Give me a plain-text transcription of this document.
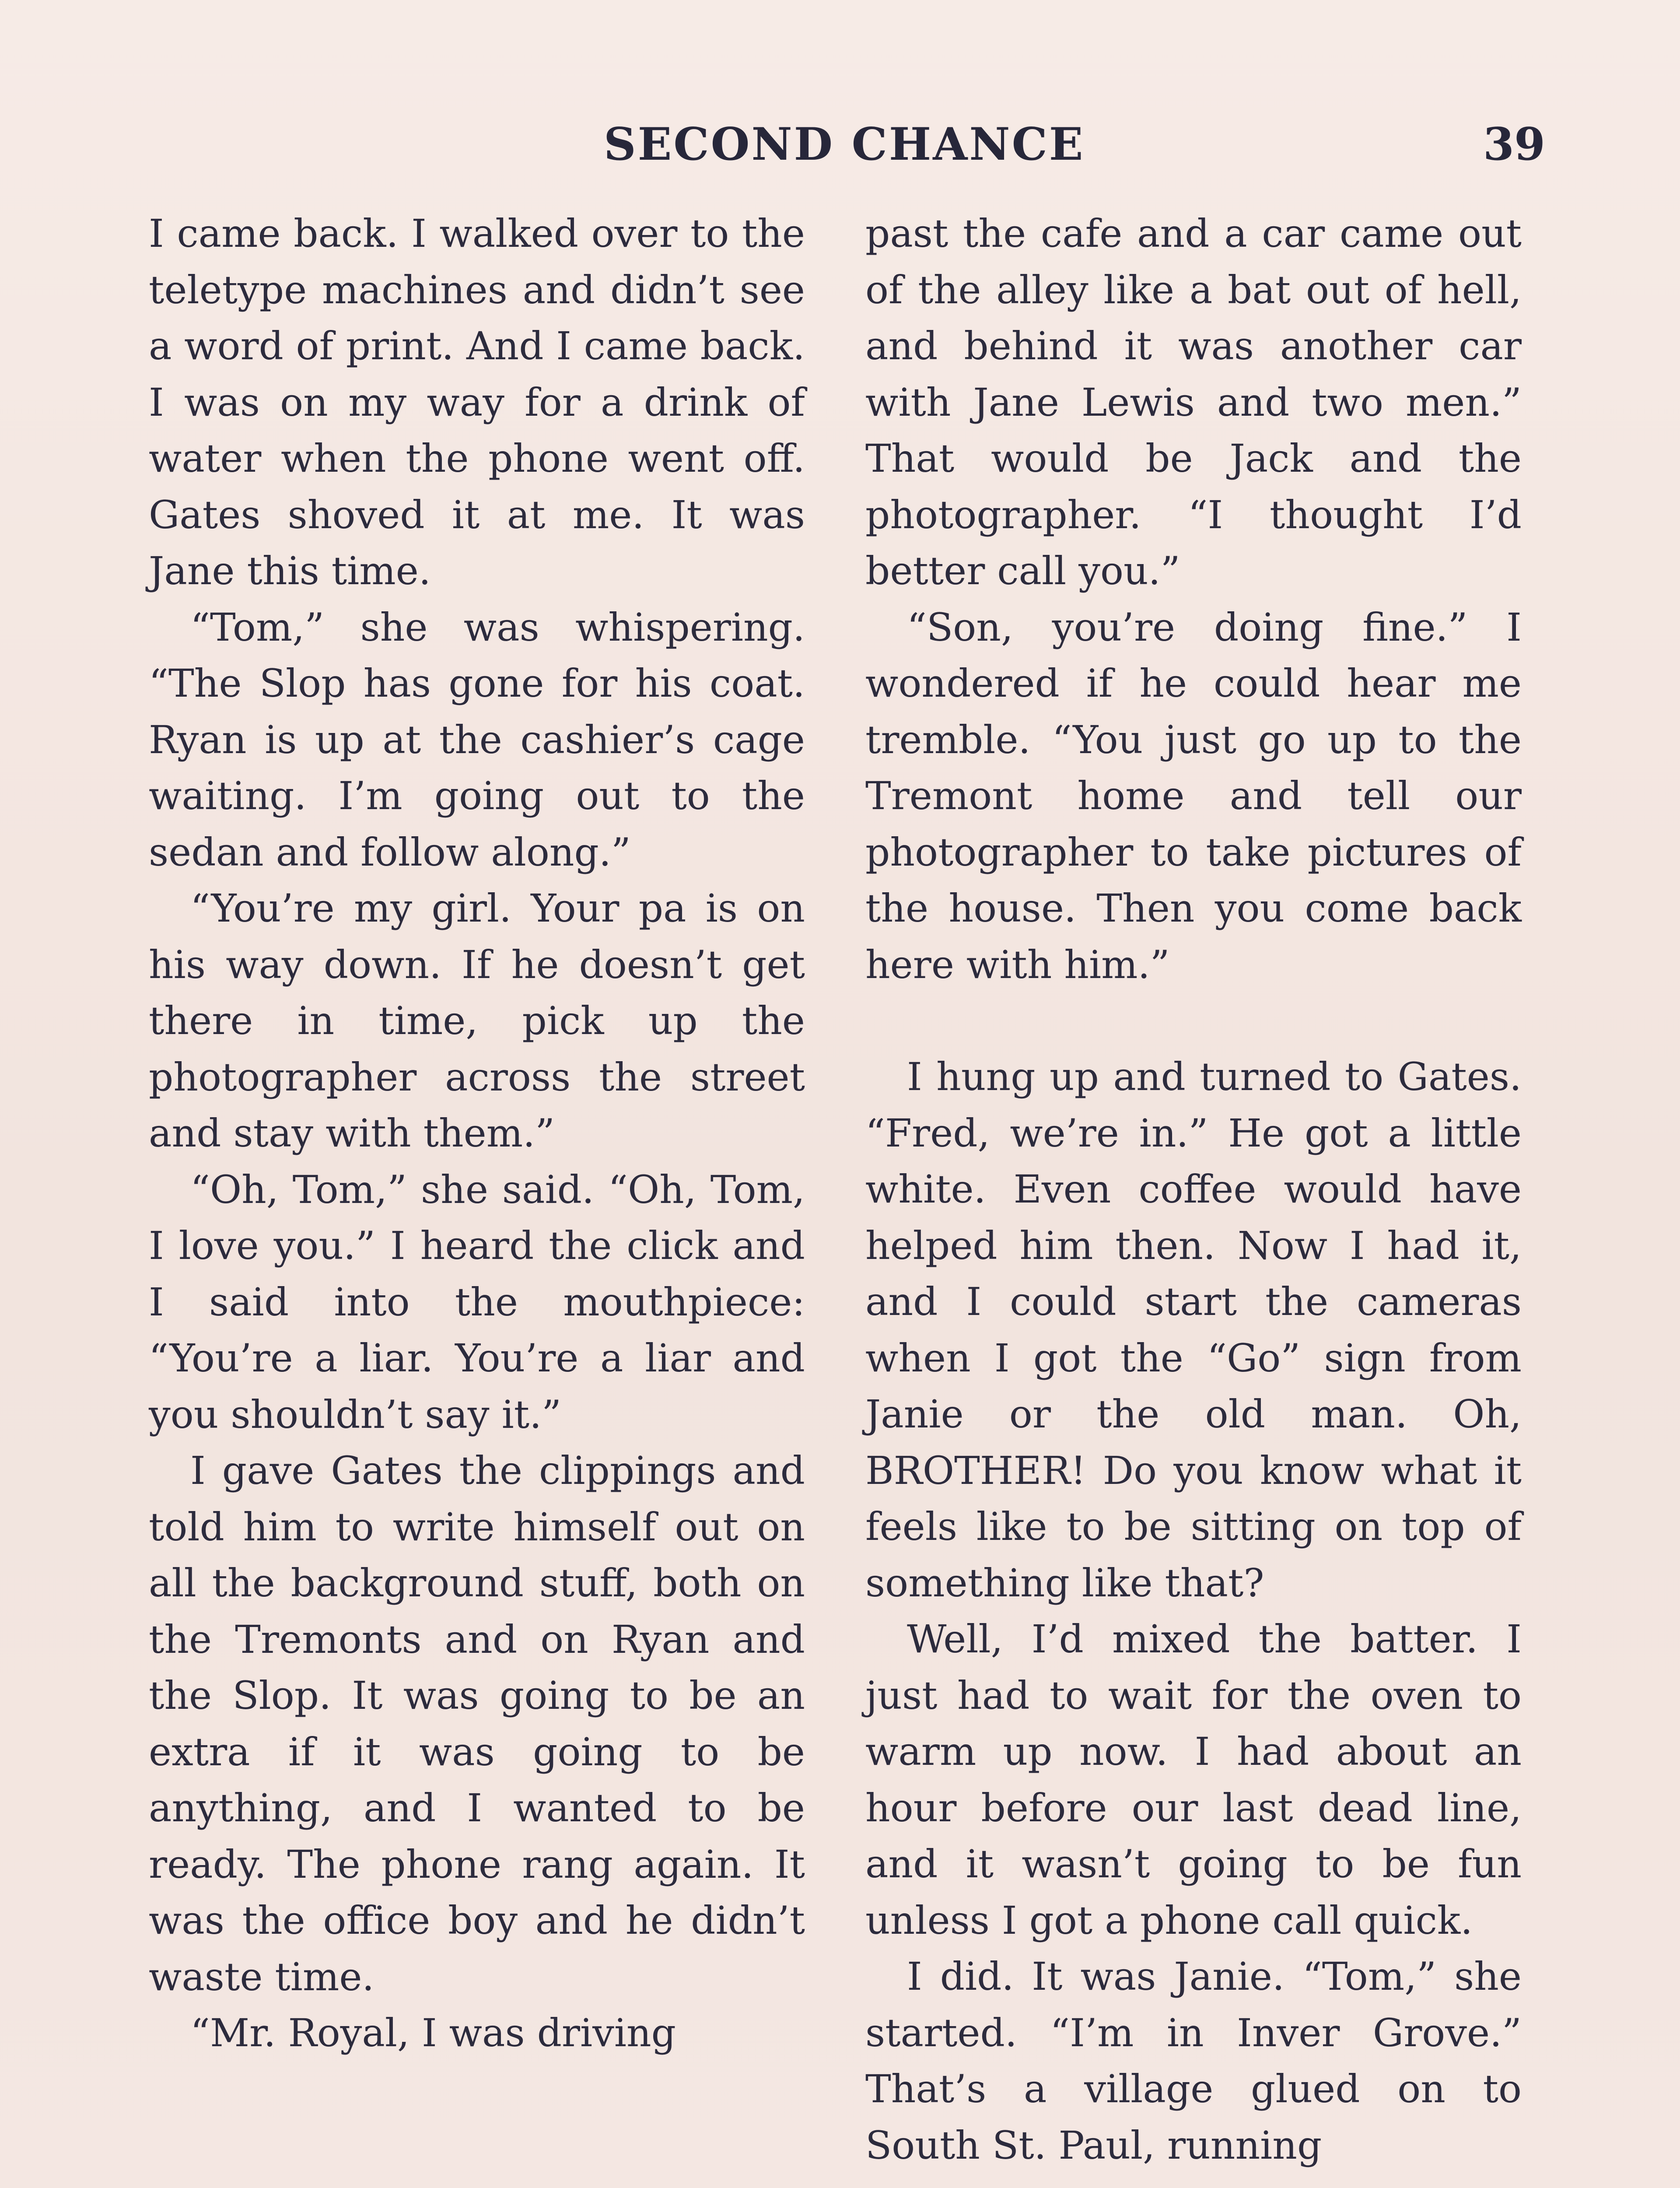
SECOND CHANCE	39

I came back. I walked over to the teletype machines and didn’t see a word of print. And I came back. I was on my way for a drink of water when the phone went off. Gates shoved it at me. It was Jane this time.

“Tom,” she was whispering. “The Slop has gone for his coat. Ryan is up at the cashier’s cage waiting. I’m going out to the sedan and follow along.”

“You’re my girl. Your pa is on his way down. If he doesn’t get there in time, pick up the photographer across the street and stay with them.”

“Oh, Tom,” she said. “Oh, Tom, I love you.” I heard the click and I said into the mouthpiece: “You’re a liar. You’re a liar and you shouldn’t say it.”

I gave Gates the clippings and told him to write himself out on all the background stuff, both on the Tremonts and on Ryan and the Slop. It was going to be an extra if it was going to be anything, and I wanted to be ready. The phone rang again. It was the office boy and he didn’t waste time.

“Mr. Royal, I was driving

past the cafe and a car came out of the alley like a bat out of hell, and behind it was another car with Jane Lewis and two men.” That would be Jack and the photographer. “I thought I’d better call you.”

“Son, you’re doing fine.” I wondered if he could hear me tremble. “You just go up to the Tremont home and tell our photographer to take pictures of the house. Then you come back here with him.”

I hung up and turned to Gates. “Fred, we’re in.” He got a little white. Even coffee would have helped him then. Now I had it, and I could start the cameras when I got the “Go” sign from Janie or the old man. Oh, BROTHER! Do you know what it feels like to be sitting on top of something like that?

Well, I’d mixed the batter. I just had to wait for the oven to warm up now. I had about an hour before our last dead line, and it wasn’t going to be fun unless I got a phone call quick.

I did. It was Janie. “Tom,” she started. “I’m in Inver Grove.” That’s a village glued on to South St. Paul, running
